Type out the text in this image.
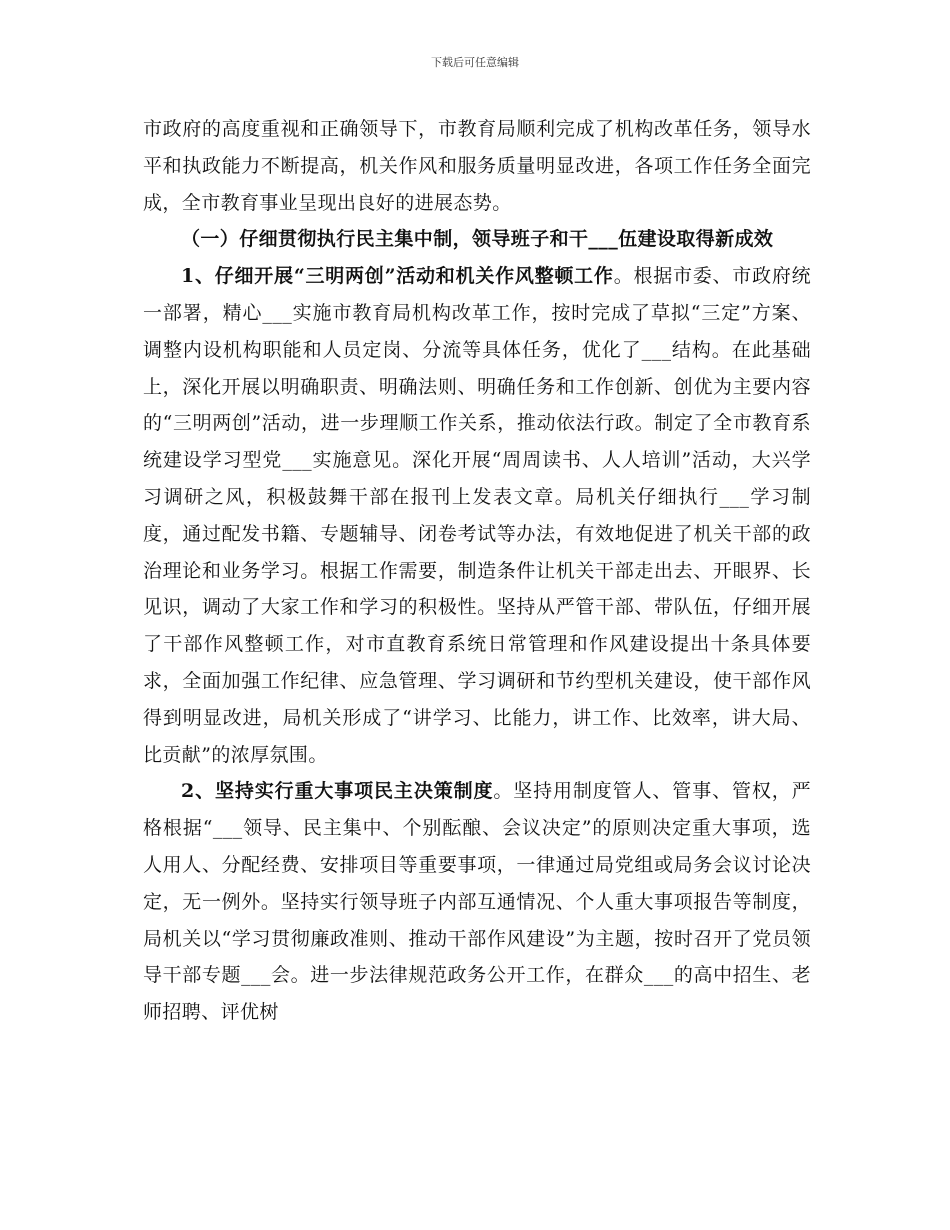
下载后可任意编辑

市政府的高度重视和正确领导下，市教育局顺利完成了机构改革任务，领导水平和执政能力不断提高，机关作风和服务质量明显改进，各项工作任务全面完成，全市教育事业呈现出良好的进展态势。

（一）仔细贯彻执行民主集中制，领导班子和干___伍建设取得新成效

1、仔细开展“三明两创”活动和机关作风整顿工作。根据市委、市政府统一部署，精心___实施市教育局机构改革工作，按时完成了草拟“三定”方案、调整内设机构职能和人员定岗、分流等具体任务，优化了___结构。在此基础上，深化开展以明确职责、明确法则、明确任务和工作创新、创优为主要内容的“三明两创”活动，进一步理顺工作关系，推动依法行政。制定了全市教育系统建设学习型党___实施意见。深化开展“周周读书、人人培训”活动，大兴学习调研之风，积极鼓舞干部在报刊上发表文章。局机关仔细执行___学习制度，通过配发书籍、专题辅导、闭卷考试等办法，有效地促进了机关干部的政治理论和业务学习。根据工作需要，制造条件让机关干部走出去、开眼界、长见识，调动了大家工作和学习的积极性。坚持从严管干部、带队伍，仔细开展了干部作风整顿工作，对市直教育系统日常管理和作风建设提出十条具体要求，全面加强工作纪律、应急管理、学习调研和节约型机关建设，使干部作风得到明显改进，局机关形成了“讲学习、比能力，讲工作、比效率，讲大局、比贡献”的浓厚氛围。

2、坚持实行重大事项民主决策制度。坚持用制度管人、管事、管权，严格根据“___领导、民主集中、个别酝酿、会议决定”的原则决定重大事项，选人用人、分配经费、安排项目等重要事项，一律通过局党组或局务会议讨论决定，无一例外。坚持实行领导班子内部互通情况、个人重大事项报告等制度，局机关以“学习贯彻廉政准则、推动干部作风建设”为主题，按时召开了党员领导干部专题___会。进一步法律规范政务公开工作，在群众___的高中招生、老师招聘、评优树
